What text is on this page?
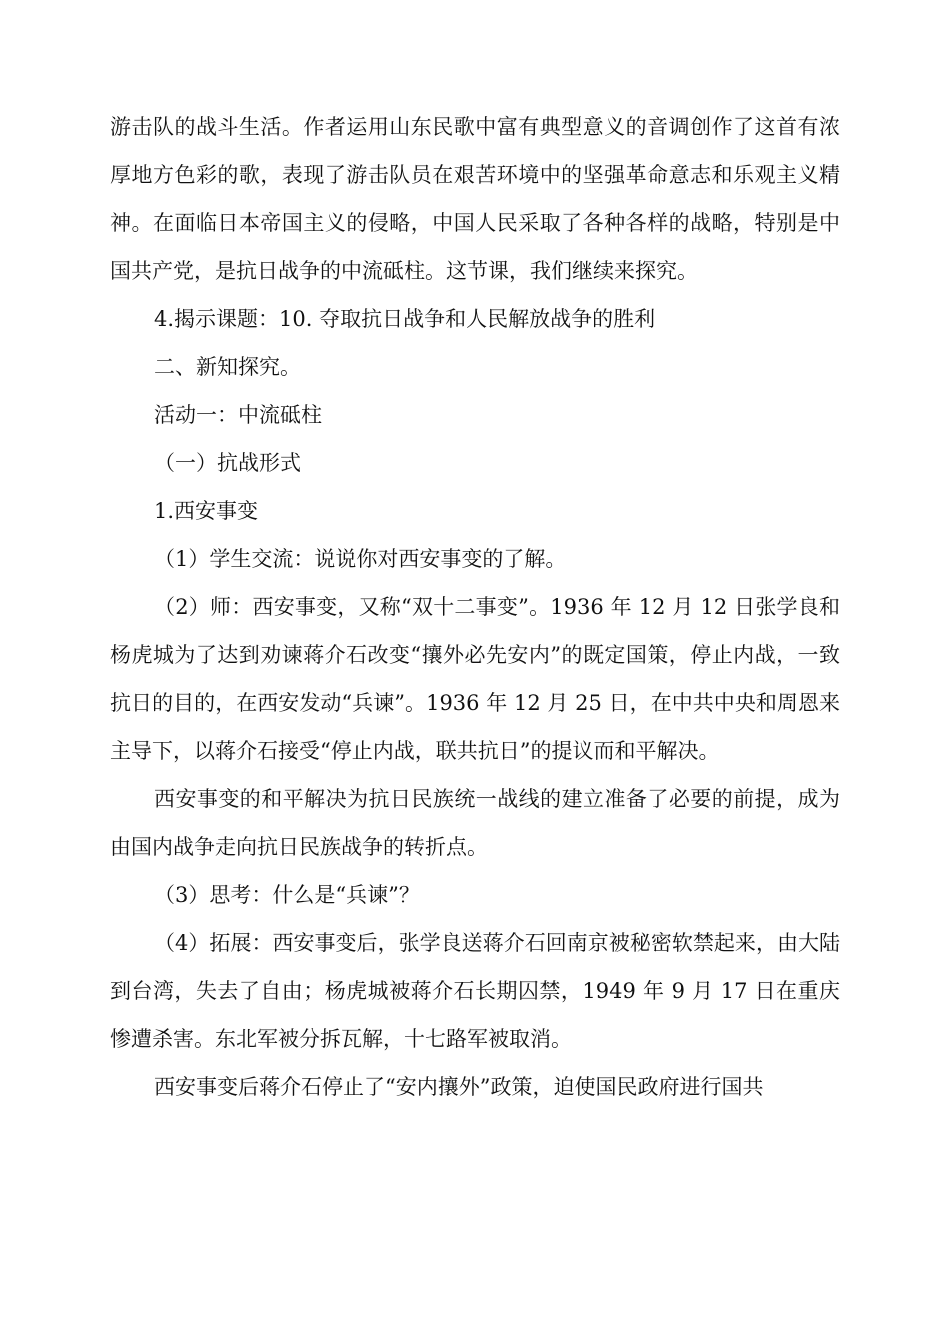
游击队的战斗生活。作者运用山东民歌中富有典型意义的音调创作了这首有浓厚地方色彩的歌，表现了游击队员在艰苦环境中的坚强革命意志和乐观主义精神。在面临日本帝国主义的侵略，中国人民采取了各种各样的战略，特别是中国共产党，是抗日战争的中流砥柱。这节课，我们继续来探究。

4.揭示课题：10. 夺取抗日战争和人民解放战争的胜利

二、新知探究。

活动一：中流砥柱

（一）抗战形式

1.西安事变

（1）学生交流：说说你对西安事变的了解。

（2）师：西安事变，又称“双十二事变”。1936 年 12 月 12 日张学良和杨虎城为了达到劝谏蒋介石改变“攘外必先安内”的既定国策，停止内战，一致抗日的目的，在西安发动“兵谏”。1936 年 12 月 25 日，在中共中央和周恩来主导下，以蒋介石接受“停止内战，联共抗日”的提议而和平解决。

西安事变的和平解决为抗日民族统一战线的建立准备了必要的前提，成为由国内战争走向抗日民族战争的转折点。

（3）思考：什么是“兵谏”？

（4）拓展：西安事变后，张学良送蒋介石回南京被秘密软禁起来，由大陆到台湾，失去了自由；杨虎城被蒋介石长期囚禁，1949 年 9 月 17 日在重庆惨遭杀害。东北军被分拆瓦解，十七路军被取消。

西安事变后蒋介石停止了“安内攘外”政策，迫使国民政府进行国共
